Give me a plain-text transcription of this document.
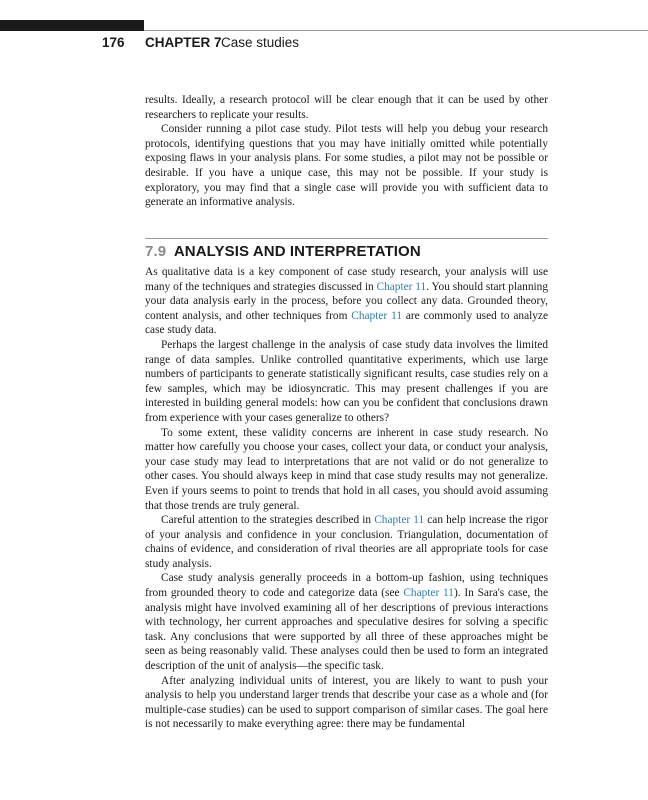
176 CHAPTER 7 Case studies

results. Ideally, a research protocol will be clear enough that it can be used by other researchers to replicate your results.

Consider running a pilot case study. Pilot tests will help you debug your research protocols, identifying questions that you may have initially omitted while potentially exposing flaws in your analysis plans. For some studies, a pilot may not be possible or desirable. If you have a unique case, this may not be possible. If your study is exploratory, you may find that a single case will provide you with sufficient data to generate an informative analysis.

7.9 ANALYSIS AND INTERPRETATION

As qualitative data is a key component of case study research, your analysis will use many of the techniques and strategies discussed in Chapter 11. You should start planning your data analysis early in the process, before you collect any data. Grounded theory, content analysis, and other techniques from Chapter 11 are commonly used to analyze case study data.

Perhaps the largest challenge in the analysis of case study data involves the limited range of data samples. Unlike controlled quantitative experiments, which use large numbers of participants to generate statistically significant results, case studies rely on a few samples, which may be idiosyncratic. This may present challenges if you are interested in building general models: how can you be confident that conclusions drawn from experience with your cases generalize to others?

To some extent, these validity concerns are inherent in case study research. No matter how carefully you choose your cases, collect your data, or conduct your analysis, your case study may lead to interpretations that are not valid or do not generalize to other cases. You should always keep in mind that case study results may not generalize. Even if yours seems to point to trends that hold in all cases, you should avoid assuming that those trends are truly general.

Careful attention to the strategies described in Chapter 11 can help increase the rigor of your analysis and confidence in your conclusion. Triangulation, documentation of chains of evidence, and consideration of rival theories are all appropriate tools for case study analysis.

Case study analysis generally proceeds in a bottom-up fashion, using techniques from grounded theory to code and categorize data (see Chapter 11). In Sara's case, the analysis might have involved examining all of her descriptions of previous interactions with technology, her current approaches and speculative desires for solving a specific task. Any conclusions that were supported by all three of these approaches might be seen as being reasonably valid. These analyses could then be used to form an integrated description of the unit of analysis—the specific task.

After analyzing individual units of interest, you are likely to want to push your analysis to help you understand larger trends that describe your case as a whole and (for multiple-case studies) can be used to support comparison of similar cases. The goal here is not necessarily to make everything agree: there may be fundamental
